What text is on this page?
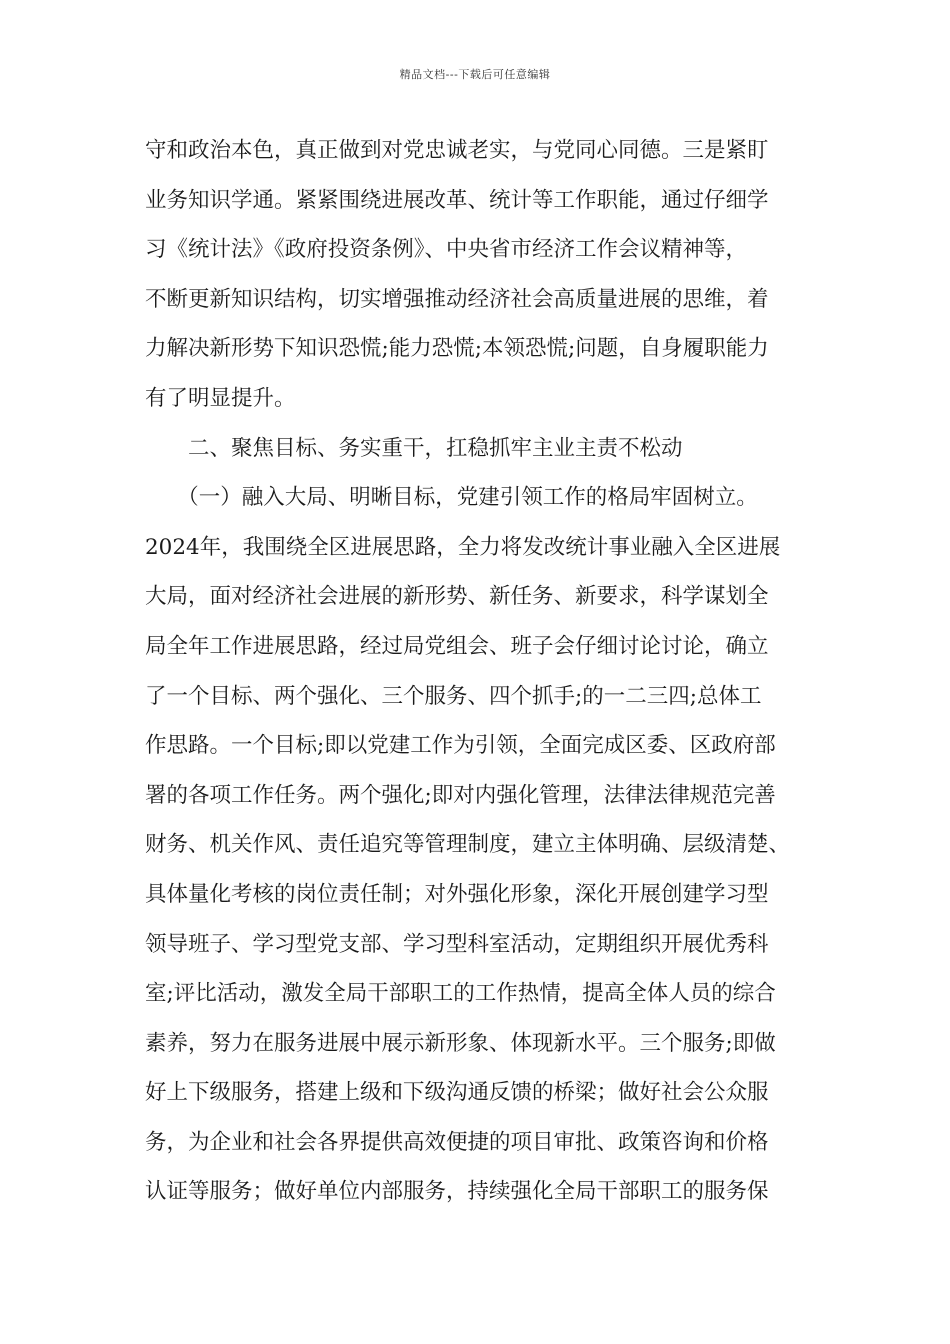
精品文档---下载后可任意编辑
守和政治本色，真正做到对党忠诚老实，与党同心同德。三是紧盯
业务知识学通。紧紧围绕进展改革、统计等工作职能，通过仔细学
习《统计法》《政府投资条例》、中央省市经济工作会议精神等，
不断更新知识结构，切实增强推动经济社会高质量进展的思维，着
力解决新形势下知识恐慌;能力恐慌;本领恐慌;问题，自身履职能力
有了明显提升。
　　二、聚焦目标、务实重干，扛稳抓牢主业主责不松动
　　（一）融入大局、明晰目标，党建引领工作的格局牢固树立。
2024年，我围绕全区进展思路，全力将发改统计事业融入全区进展
大局，面对经济社会进展的新形势、新任务、新要求，科学谋划全
局全年工作进展思路，经过局党组会、班子会仔细讨论讨论，确立
了一个目标、两个强化、三个服务、四个抓手;的一二三四;总体工
作思路。一个目标;即以党建工作为引领，全面完成区委、区政府部
署的各项工作任务。两个强化;即对内强化管理，法律法律规范完善
财务、机关作风、责任追究等管理制度，建立主体明确、层级清楚、
具体量化考核的岗位责任制；对外强化形象，深化开展创建学习型
领导班子、学习型党支部、学习型科室活动，定期组织开展优秀科
室;评比活动，激发全局干部职工的工作热情，提高全体人员的综合
素养，努力在服务进展中展示新形象、体现新水平。三个服务;即做
好上下级服务，搭建上级和下级沟通反馈的桥梁；做好社会公众服
务，为企业和社会各界提供高效便捷的项目审批、政策咨询和价格
认证等服务；做好单位内部服务，持续强化全局干部职工的服务保
